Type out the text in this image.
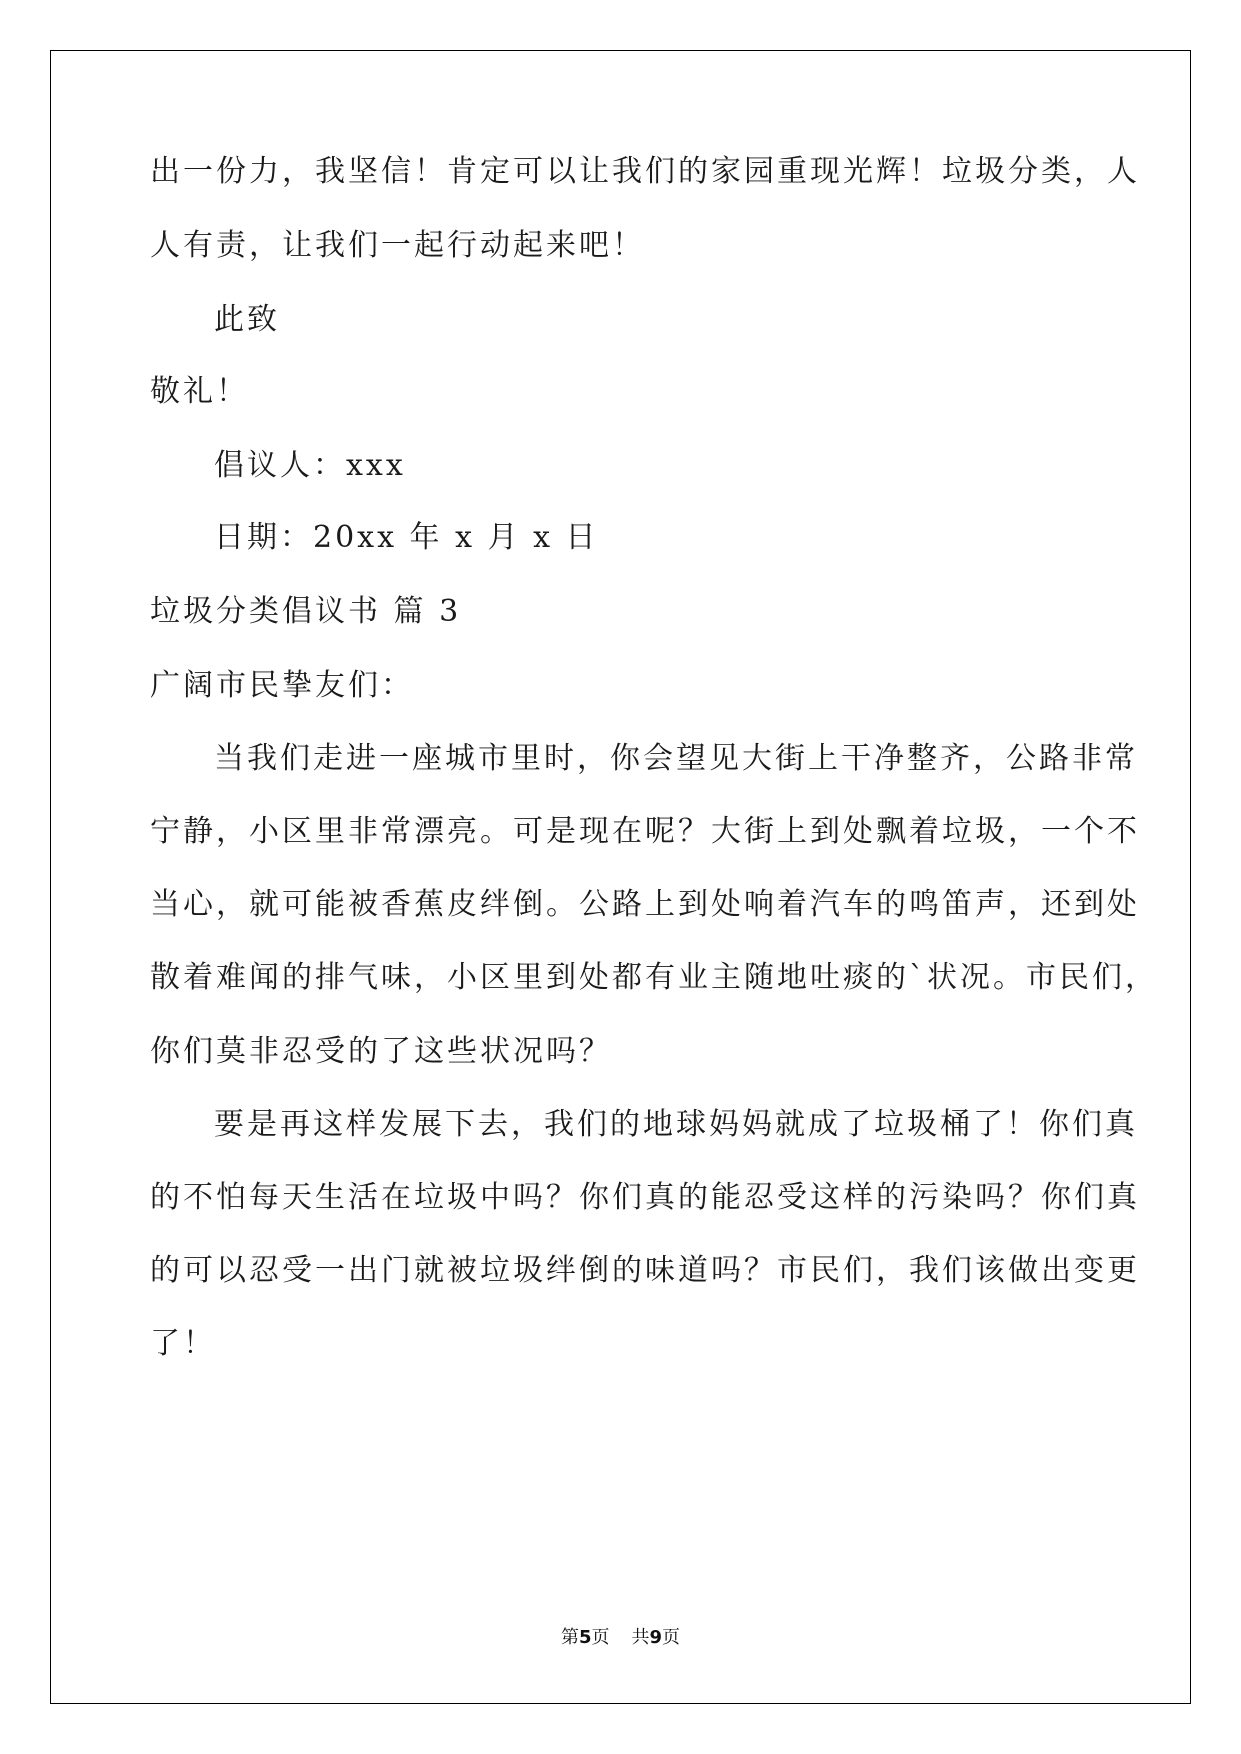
出一份力，我坚信！肯定可以让我们的家园重现光辉！垃圾分类，人
人有责，让我们一起行动起来吧！
此致
敬礼！
倡议人：xxx
日期：20xx 年 x 月 x 日
垃圾分类倡议书 篇 3
广阔市民挚友们：
当我们走进一座城市里时，你会望见大街上干净整齐，公路非常
宁静，小区里非常漂亮。可是现在呢？大街上到处飘着垃圾，一个不
当心，就可能被香蕉皮绊倒。公路上到处响着汽车的鸣笛声，还到处
散着难闻的排气味，小区里到处都有业主随地吐痰的`状况。市民们，
你们莫非忍受的了这些状况吗？
要是再这样发展下去，我们的地球妈妈就成了垃圾桶了！你们真
的不怕每天生活在垃圾中吗？你们真的能忍受这样的污染吗？你们真
的可以忍受一出门就被垃圾绊倒的味道吗？市民们，我们该做出变更
了！
第5页 共9页
